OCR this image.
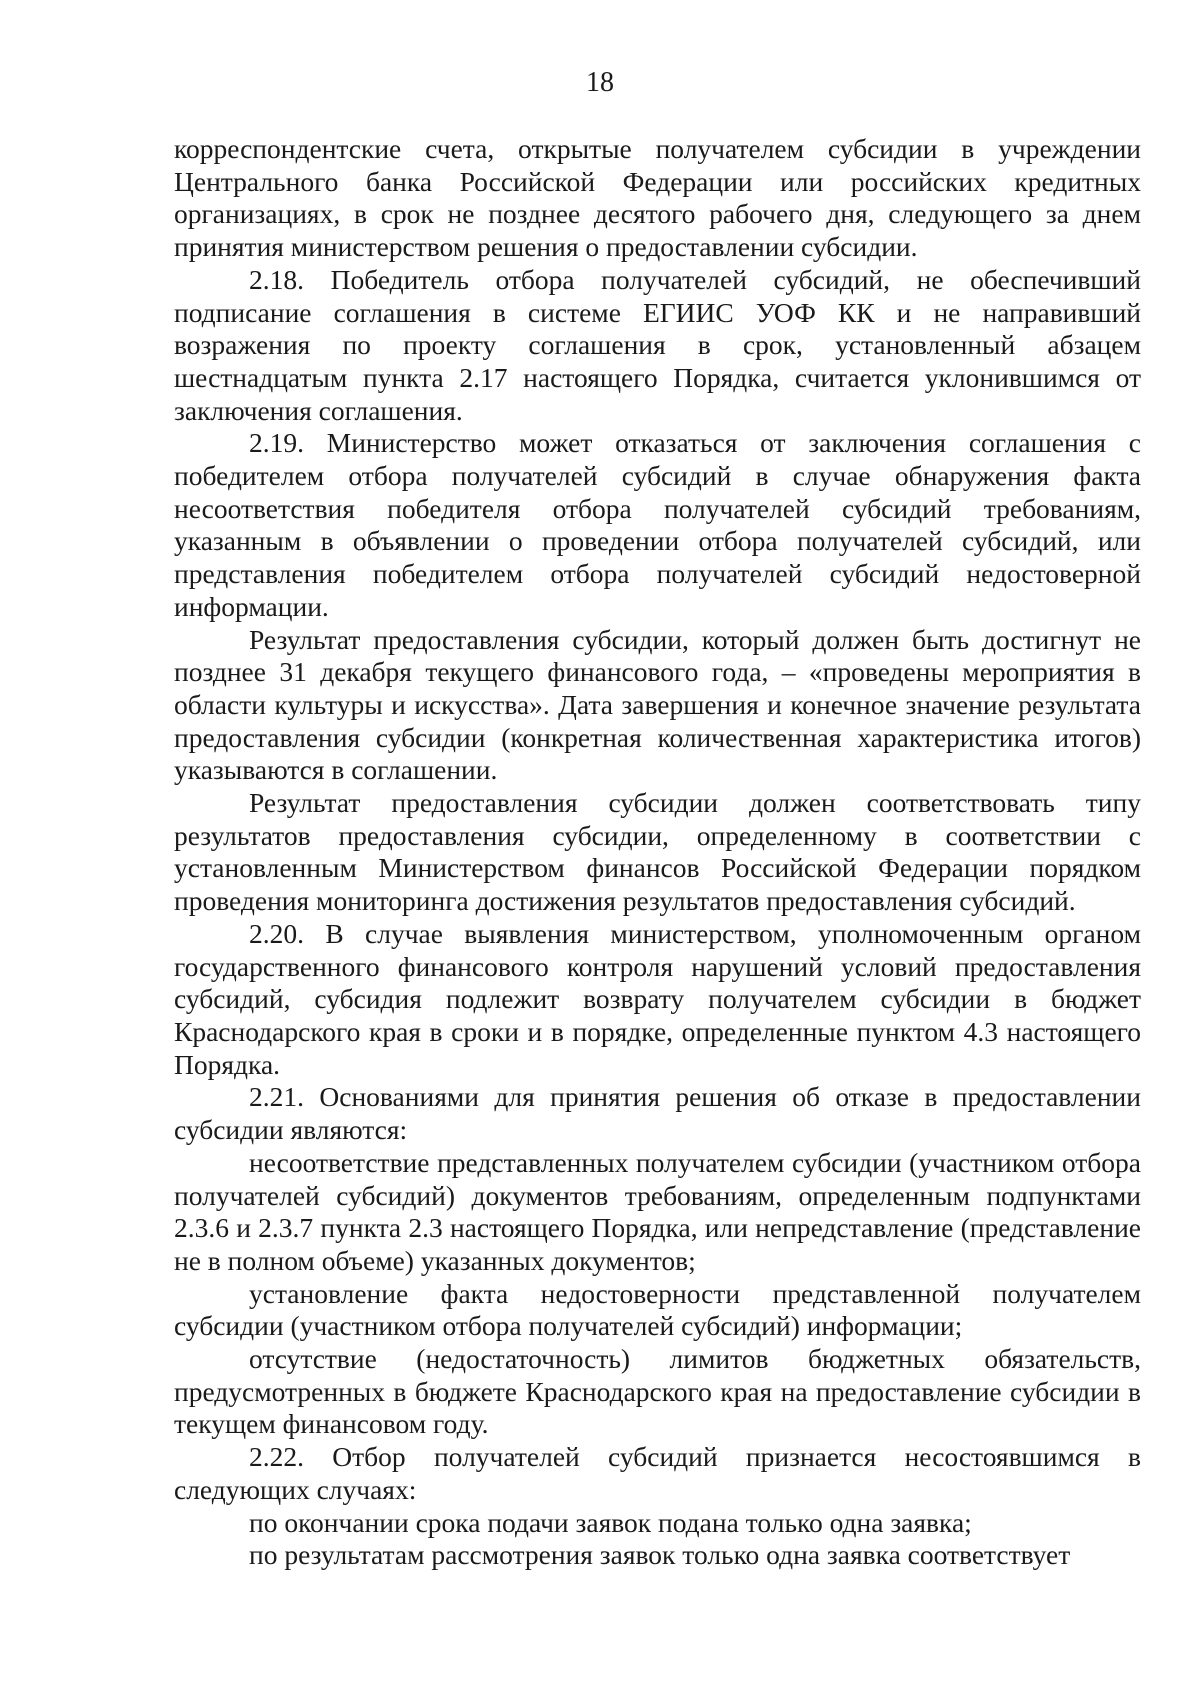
18

корреспондентские счета, открытые получателем субсидии в учреждении Центрального банка Российской Федерации или российских кредитных организациях, в срок не позднее десятого рабочего дня, следующего за днем принятия министерством решения о предоставлении субсидии.

2.18. Победитель отбора получателей субсидий, не обеспечивший подписание соглашения в системе ЕГИИС УОФ КК и не направивший возражения по проекту соглашения в срок, установленный абзацем шестнадцатым пункта 2.17 настоящего Порядка, считается уклонившимся от заключения соглашения.

2.19. Министерство может отказаться от заключения соглашения с победителем отбора получателей субсидий в случае обнаружения факта несоответствия победителя отбора получателей субсидий требованиям, указанным в объявлении о проведении отбора получателей субсидий, или представления победителем отбора получателей субсидий недостоверной информации.

Результат предоставления субсидии, который должен быть достигнут не позднее 31 декабря текущего финансового года, – «проведены мероприятия в области культуры и искусства». Дата завершения и конечное значение результата предоставления субсидии (конкретная количественная характеристика итогов) указываются в соглашении.

Результат предоставления субсидии должен соответствовать типу результатов предоставления субсидии, определенному в соответствии с установленным Министерством финансов Российской Федерации порядком проведения мониторинга достижения результатов предоставления субсидий.

2.20. В случае выявления министерством, уполномоченным органом государственного финансового контроля нарушений условий предоставления субсидий, субсидия подлежит возврату получателем субсидии в бюджет Краснодарского края в сроки и в порядке, определенные пунктом 4.3 настоящего Порядка.

2.21. Основаниями для принятия решения об отказе в предоставлении субсидии являются:

несоответствие представленных получателем субсидии (участником отбора получателей субсидий) документов требованиям, определенным подпунктами 2.3.6 и 2.3.7 пункта 2.3 настоящего Порядка, или непредставление (представление не в полном объеме) указанных документов;

установление факта недостоверности представленной получателем субсидии (участником отбора получателей субсидий) информации;

отсутствие (недостаточность) лимитов бюджетных обязательств, предусмотренных в бюджете Краснодарского края на предоставление субсидии в текущем финансовом году.

2.22. Отбор получателей субсидий признается несостоявшимся в следующих случаях:

по окончании срока подачи заявок подана только одна заявка;

по результатам рассмотрения заявок только одна заявка соответствует
